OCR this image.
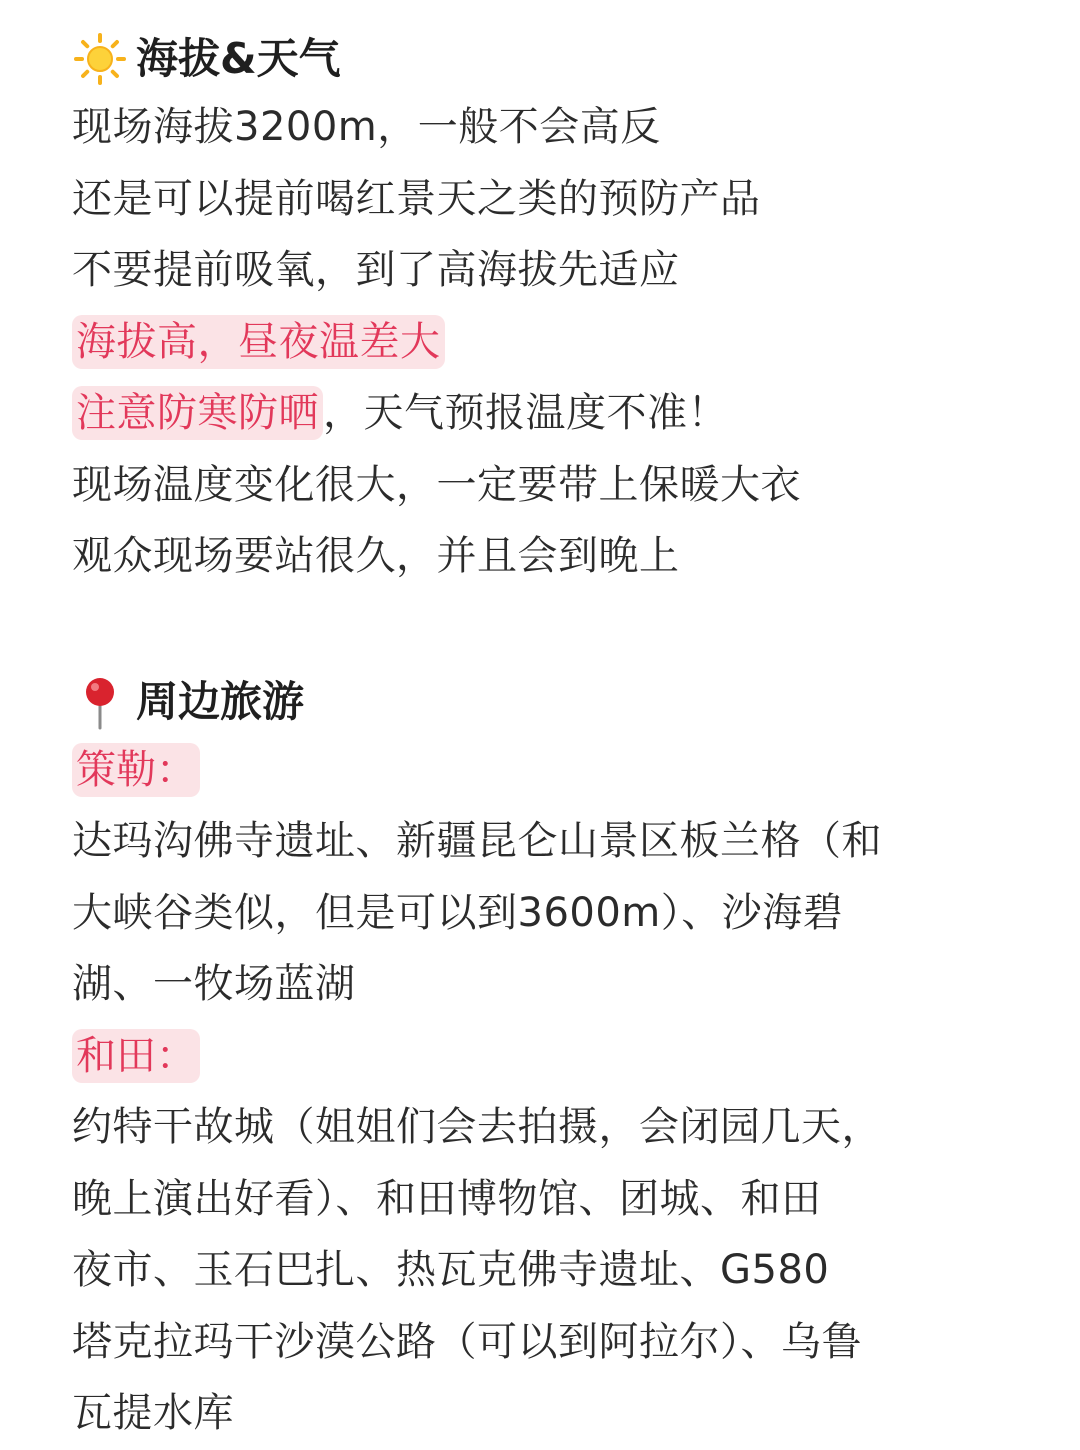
海拔&天气
现场海拔3200m，一般不会高反
还是可以提前喝红景天之类的预防产品
不要提前吸氧，到了高海拔先适应
海拔高，昼夜温差大
注意防寒防晒 ，天气预报温度不准！
现场温度变化很大，一定要带上保暖大衣
观众现场要站很久，并且会到晚上
周边旅游
策勒：
达玛沟佛寺遗址、新疆昆仑山景区板兰格（和
大峡谷类似，但是可以到3600m）、沙海碧
湖、一牧场蓝湖
和田：
约特干故城（姐姐们会去拍摄，会闭园几天，
晚上演出好看）、和田博物馆、团城、和田
夜市、玉石巴扎、热瓦克佛寺遗址、G580
塔克拉玛干沙漠公路（可以到阿拉尔）、乌鲁
瓦提水库
